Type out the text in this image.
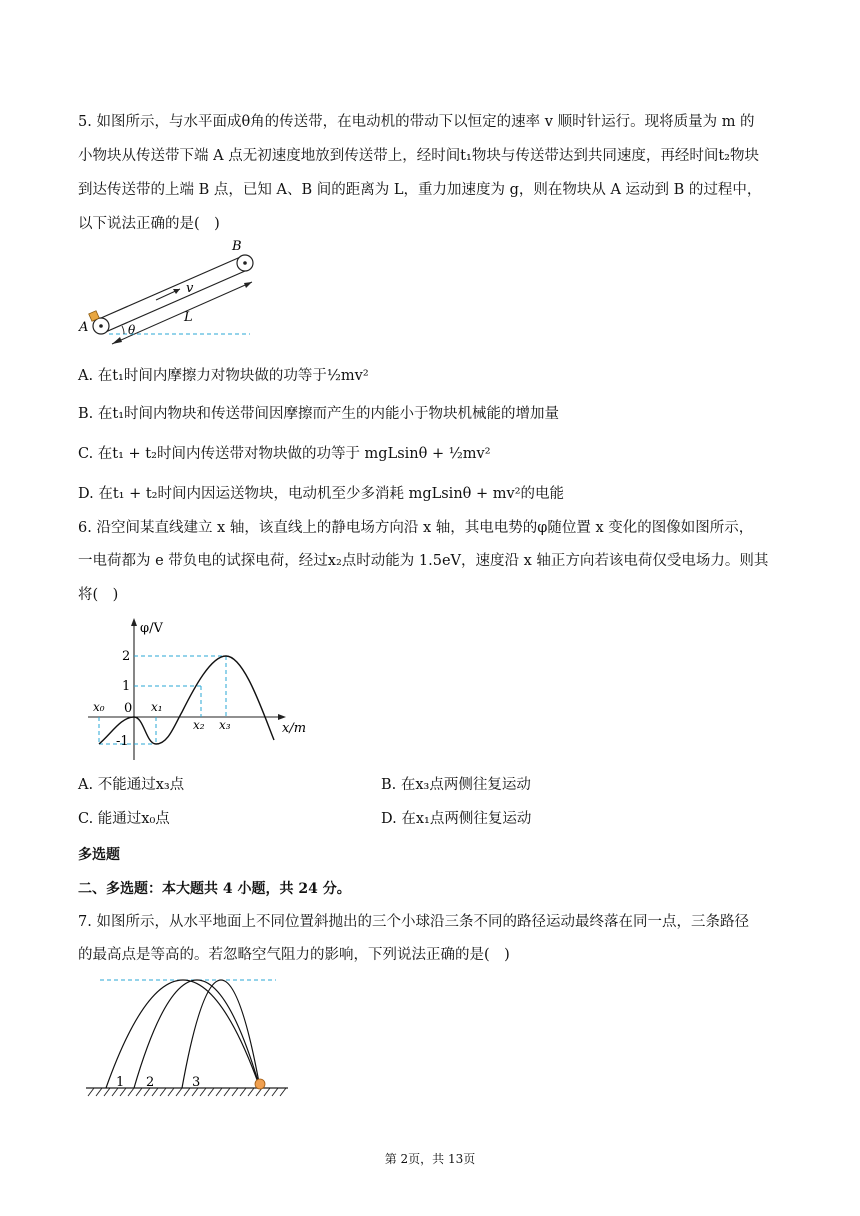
5. 如图所示，与水平面成θ角的传送带，在电动机的带动下以恒定的速率 v 顺时针运行。现将质量为 m 的
小物块从传送带下端 A 点无初速度地放到传送带上，经时间t₁物块与传送带达到共同速度，再经时间t₂物块
到达传送带的上端 B 点，已知 A、B 间的距离为 L，重力加速度为 g，则在物块从 A 运动到 B 的过程中，
以下说法正确的是(　)
A
B
v
L
θ
A. 在t₁时间内摩擦力对物块做的功等于½mv²
B. 在t₁时间内物块和传送带间因摩擦而产生的内能小于物块机械能的增加量
C. 在t₁ + t₂时间内传送带对物块做的功等于 mgLsinθ + ½mv²
D. 在t₁ + t₂时间内因运送物块，电动机至少多消耗 mgLsinθ + mv²的电能
6. 沿空间某直线建立 x 轴，该直线上的静电场方向沿 x 轴，其电电势的φ随位置 x 变化的图像如图所示，
一电荷都为 e 带负电的试探电荷，经过x₂点时动能为 1.5eV，速度沿 x 轴正方向若该电荷仅受电场力。则其
将(　)
φ/V
x/m
2
1
0
-1
x₀	x₁
x₂ x₃
A. 不能通过x₃点	B. 在x₃点两侧往复运动
C. 能通过x₀点	D. 在x₁点两侧往复运动
多选题
二、多选题：本大题共 4 小题，共 24 分。
7. 如图所示，从水平地面上不同位置斜抛出的三个小球沿三条不同的路径运动最终落在同一点，三条路径
的最高点是等高的。若忽略空气阻力的影响，下列说法正确的是(　)
1 2	3
第 2页，共 13页
